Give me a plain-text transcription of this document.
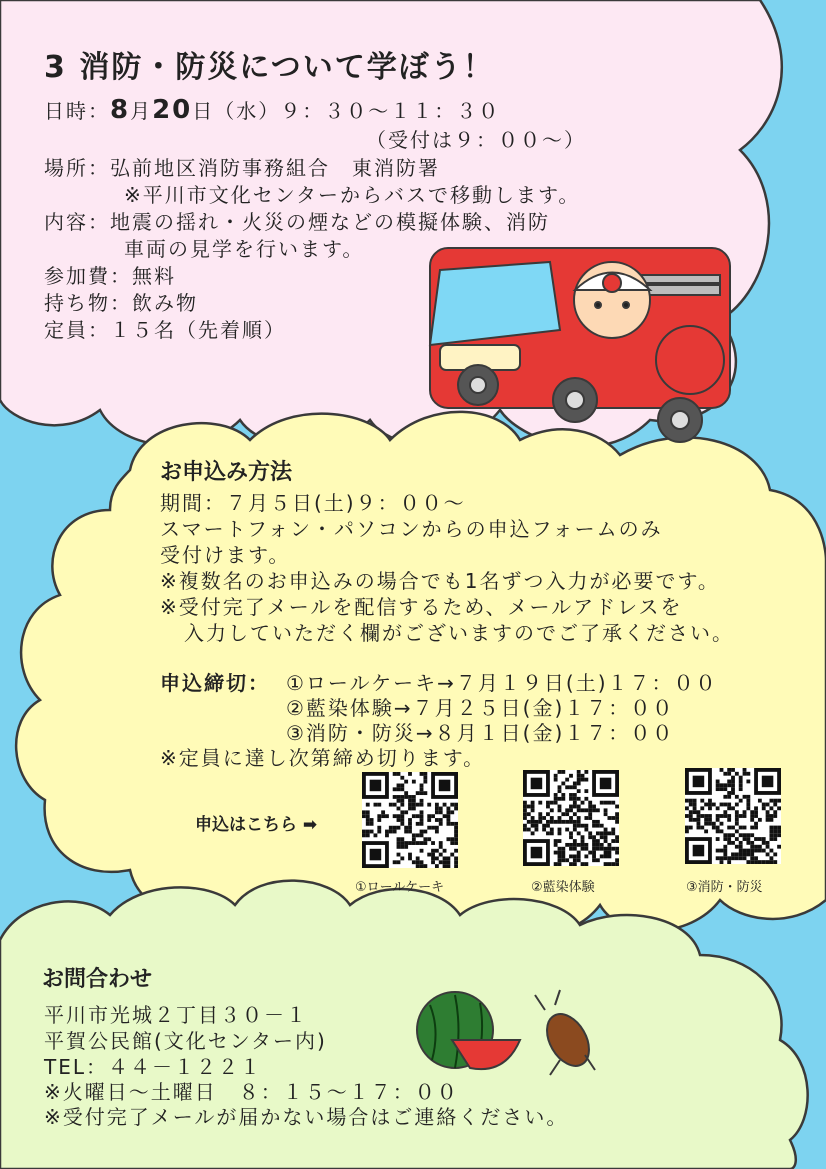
3 消防・防災について学ぼう！
日時：8月20日（水）９：３０～１１：３０
（受付は９：００～）
場所：弘前地区消防事務組合　東消防署
※平川市文化センターからバスで移動します。
内容：地震の揺れ・火災の煙などの模擬体験、消防
車両の見学を行います。
参加費：無料
持ち物：飲み物
定員：１５名（先着順）
お申込み方法
期間：７月５日(土)９：００～
スマートフォン・パソコンからの申込フォームのみ
受付けます。
※複数名のお申込みの場合でも1名ずつ入力が必要です。
※受付完了メールを配信するため、メールアドレスを
入力していただく欄がございますのでご了承ください。
申込締切： ①ロールケーキ→７月１９日(土)１７：００
②藍染体験→７月２５日(金)１７：００
③消防・防災→８月１日(金)１７：００
※定員に達し次第締め切ります。
申込はこちら ➡
①ロールケーキ	②藍染体験	③消防・防災
お問合わせ
平川市光城２丁目３０－１
平賀公民館(文化センター内)
TEL：４４－１２２１
※火曜日～土曜日　８：１５～１７：００
※受付完了メールが届かない場合はご連絡ください。
